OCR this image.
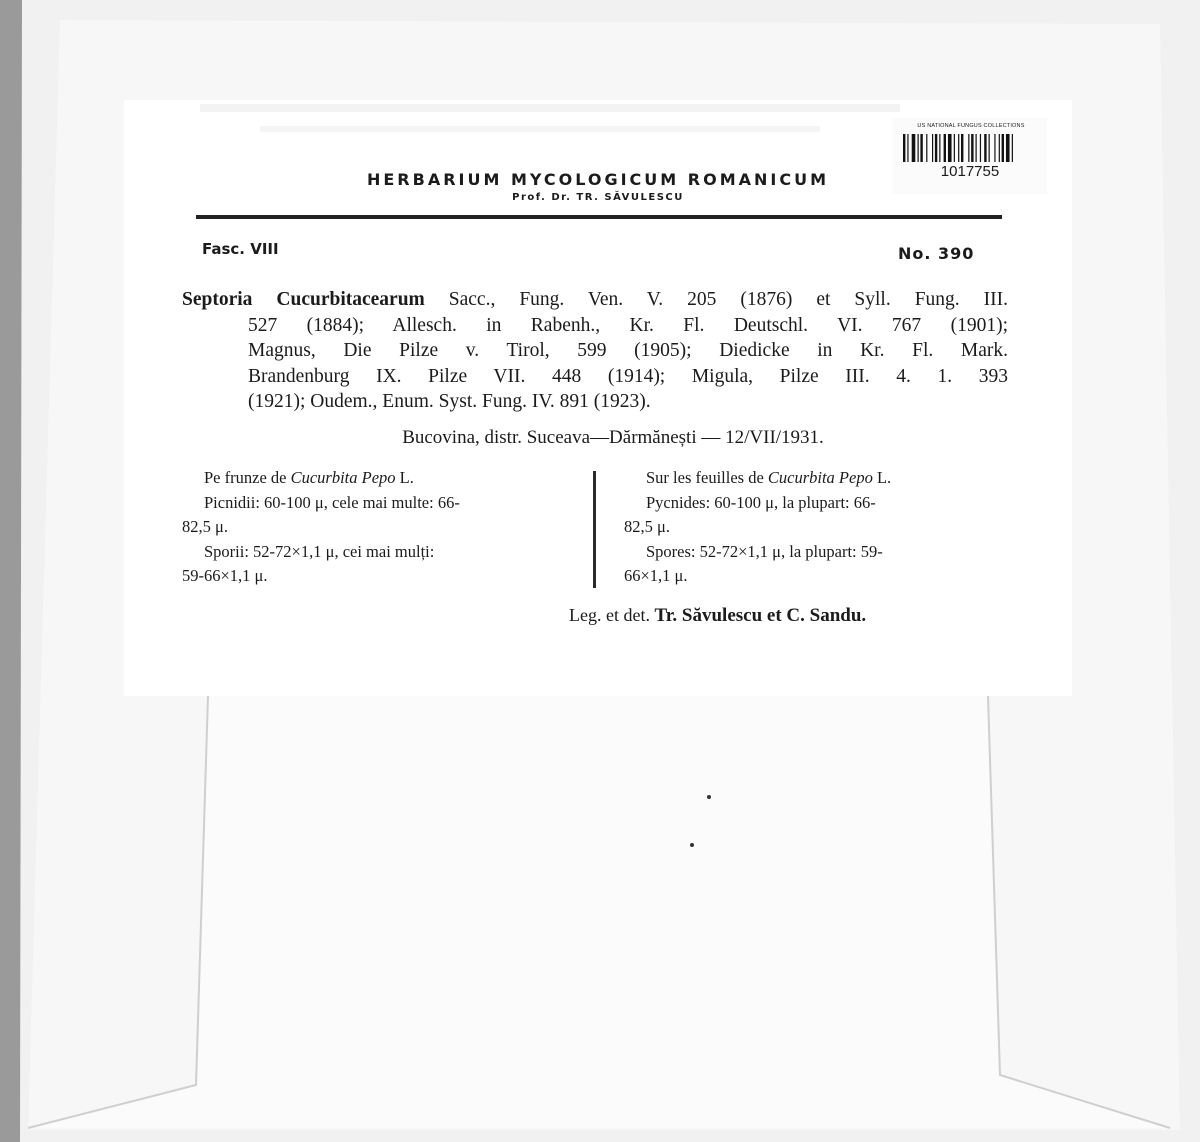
HERBARIUM MYCOLOGICUM ROMANICUM
Prof. Dr. TR. SĂVULESCU
Fasc. VIII	No. 390
Septoria Cucurbitacearum Sacc., Fung. Ven. V. 205 (1876) et Syll. Fung. III.
527 (1884); Allesch. in Rabenh., Kr. Fl. Deutschl. VI. 767 (1901);
Magnus, Die Pilze v. Tirol, 599 (1905); Diedicke in Kr. Fl. Mark.
Brandenburg IX. Pilze VII. 448 (1914); Migula, Pilze III. 4. 1. 393
(1921); Oudem., Enum. Syst. Fung. IV. 891 (1923).
Bucovina, distr. Suceava—Dărmănești — 12/VII/1931.
Pe frunze de Cucurbita Pepo L.
Picnidii: 60-100 μ, cele mai multe: 66-
82,5 μ.
Sporii: 52-72×1,1 μ, cei mai mulți:
59-66×1,1 μ.
Sur les feuilles de Cucurbita Pepo L.
Pycnides: 60-100 μ, la plupart: 66-
82,5 μ.
Spores: 52-72×1,1 μ, la plupart: 59-
66×1,1 μ.
Leg. et det. Tr. Săvulescu et C. Sandu.
US NATIONAL FUNGUS COLLECTIONS
1017755
